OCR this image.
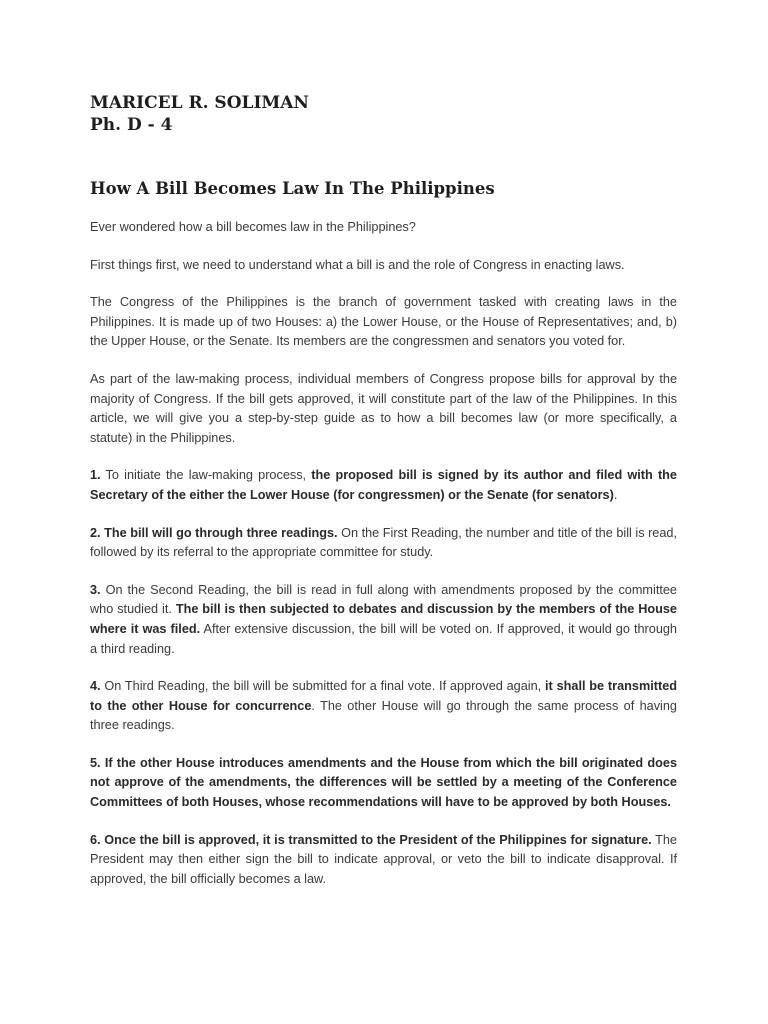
MARICEL R. SOLIMAN
Ph. D - 4
How A Bill Becomes Law In The Philippines

Ever wondered how a bill becomes law in the Philippines?

First things first, we need to understand what a bill is and the role of Congress in enacting laws.

The Congress of the Philippines is the branch of government tasked with creating laws in the Philippines. It is made up of two Houses: a) the Lower House, or the House of Representatives; and, b) the Upper House, or the Senate. Its members are the congressmen and senators you voted for.

As part of the law-making process, individual members of Congress propose bills for approval by the majority of Congress. If the bill gets approved, it will constitute part of the law of the Philippines. In this article, we will give you a step-by-step guide as to how a bill becomes law (or more specifically, a statute) in the Philippines.

1. To initiate the law-making process, the proposed bill is signed by its author and filed with the Secretary of the either the Lower House (for congressmen) or the Senate (for senators).

2. The bill will go through three readings. On the First Reading, the number and title of the bill is read, followed by its referral to the appropriate committee for study.

3. On the Second Reading, the bill is read in full along with amendments proposed by the committee who studied it. The bill is then subjected to debates and discussion by the members of the House where it was filed. After extensive discussion, the bill will be voted on. If approved, it would go through a third reading.

4. On Third Reading, the bill will be submitted for a final vote. If approved again, it shall be transmitted to the other House for concurrence. The other House will go through the same process of having three readings.

5. If the other House introduces amendments and the House from which the bill originated does not approve of the amendments, the differences will be settled by a meeting of the Conference Committees of both Houses, whose recommendations will have to be approved by both Houses.

6. Once the bill is approved, it is transmitted to the President of the Philippines for signature. The President may then either sign the bill to indicate approval, or veto the bill to indicate disapproval. If approved, the bill officially becomes a law.
